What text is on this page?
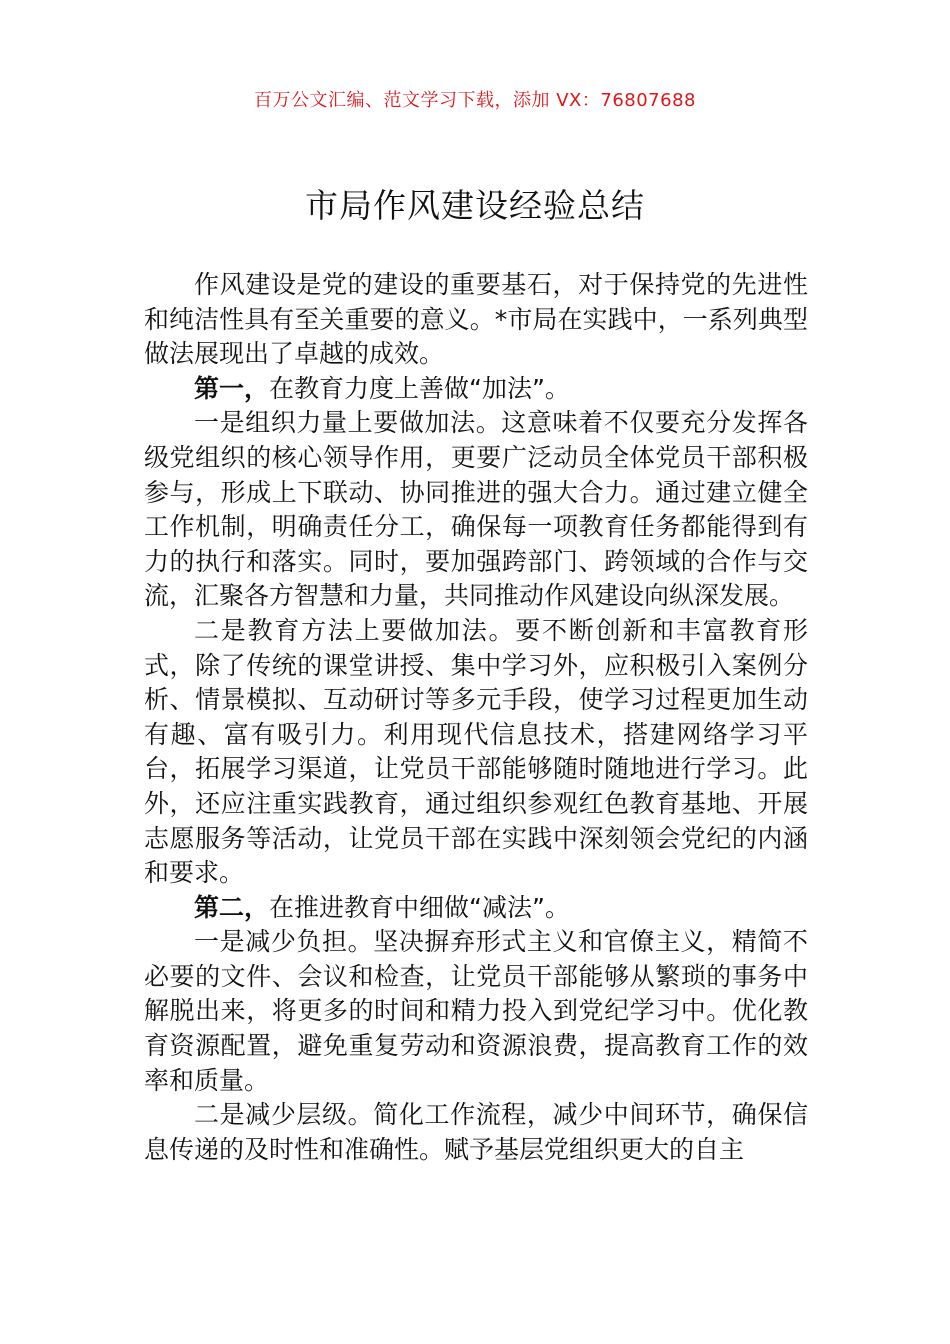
百万公文汇编、范文学习下载，添加 VX：76807688
市局作风建设经验总结

作风建设是党的建设的重要基石，对于保持党的先进性和纯洁性具有至关重要的意义。*市局在实践中，一系列典型做法展现出了卓越的成效。

第一，在教育力度上善做“加法”。

一是组织力量上要做加法。这意味着不仅要充分发挥各级党组织的核心领导作用，更要广泛动员全体党员干部积极参与，形成上下联动、协同推进的强大合力。通过建立健全工作机制，明确责任分工，确保每一项教育任务都能得到有力的执行和落实。同时，要加强跨部门、跨领域的合作与交流，汇聚各方智慧和力量，共同推动作风建设向纵深发展。

二是教育方法上要做加法。要不断创新和丰富教育形式，除了传统的课堂讲授、集中学习外，应积极引入案例分析、情景模拟、互动研讨等多元手段，使学习过程更加生动有趣、富有吸引力。利用现代信息技术，搭建网络学习平台，拓展学习渠道，让党员干部能够随时随地进行学习。此外，还应注重实践教育，通过组织参观红色教育基地、开展志愿服务等活动，让党员干部在实践中深刻领会党纪的内涵和要求。

第二，在推进教育中细做“减法”。

一是减少负担。坚决摒弃形式主义和官僚主义，精简不必要的文件、会议和检查，让党员干部能够从繁琐的事务中解脱出来，将更多的时间和精力投入到党纪学习中。优化教育资源配置，避免重复劳动和资源浪费，提高教育工作的效率和质量。

二是减少层级。简化工作流程，减少中间环节，确保信息传递的及时性和准确性。赋予基层党组织更大的自主
